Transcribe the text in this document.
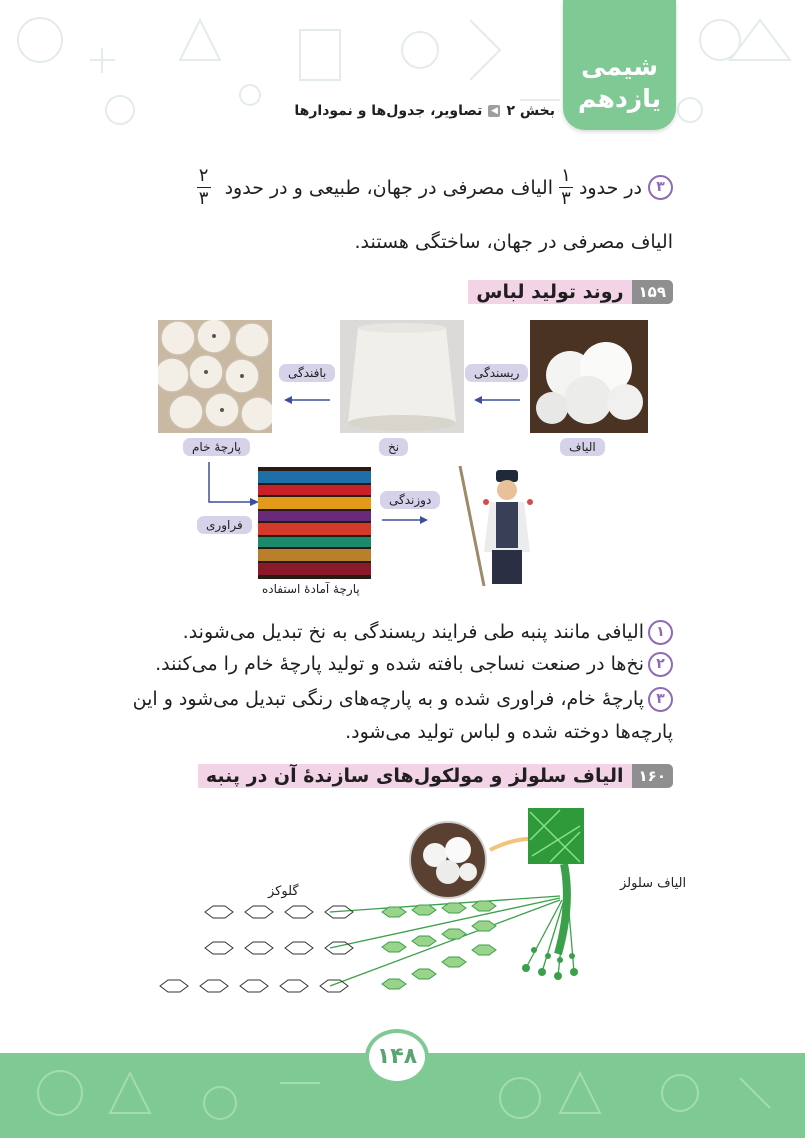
شیمی
یازدهم
بخش ۲
◀
تصاویر، جدول‌ها و نمودارها
۳
در حدود
$\frac{۱}{۳}$
الیاف مصرفی در جهان، طبیعی و در حدود
$\frac{۲}{۳}$
الیاف مصرفی در جهان، ساختگی هستند.
۱۵۹
روند تولید لباس
ریسندگی
بافندگی
الیاف
نخ
پارچهٔ خام
فراوری
پارچهٔ آمادهٔ استفاده
دوزندگی
۱
الیافی مانند پنبه طی فرایند ریسندگی به نخ تبدیل می‌شوند.
۲
نخ‌ها در صنعت نساجی بافته شده و تولید پارچهٔ خام را می‌کنند.
۳
پارچهٔ خام، فراوری شده و به پارچه‌های رنگی تبدیل می‌شود و این
پارچه‌ها دوخته شده و لباس تولید می‌شود.
۱۶۰
الیاف سلولز و مولکول‌های سازندهٔ آن در پنبه
گلوکز
الیاف سلولز
۱۴۸
